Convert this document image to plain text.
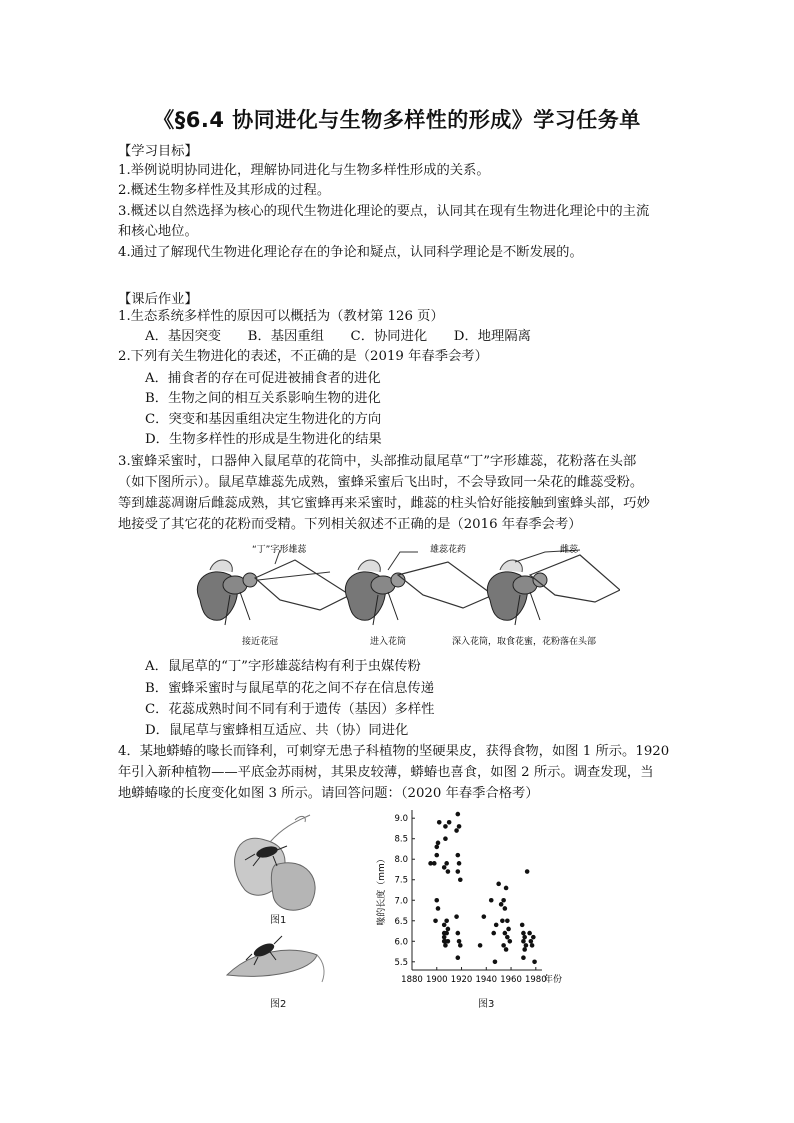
《§6.4 协同进化与生物多样性的形成》学习任务单
【学习目标】
1.举例说明协同进化，理解协同进化与生物多样性形成的关系。
2.概述生物多样性及其形成的过程。
3.概述以自然选择为核心的现代生物进化理论的要点，认同其在现有生物进化理论中的主流
和核心地位。
4.通过了解现代生物进化理论存在的争论和疑点，认同科学理论是不断发展的。
【课后作业】
1.生态系统多样性的原因可以概括为（教材第 126 页）
A．基因突变　　B．基因重组　　C．协同进化　　D．地理隔离
2.下列有关生物进化的表述，不正确的是（2019 年春季会考）
A．捕食者的存在可促进被捕食者的进化
B．生物之间的相互关系影响生物的进化
C．突变和基因重组决定生物进化的方向
D．生物多样性的形成是生物进化的结果
3.蜜蜂采蜜时，口器伸入鼠尾草的花筒中，头部推动鼠尾草“丁”字形雄蕊，花粉落在头部
（如下图所示）。鼠尾草雄蕊先成熟，蜜蜂采蜜后飞出时，不会导致同一朵花的雌蕊受粉。
等到雄蕊凋谢后雌蕊成熟，其它蜜蜂再来采蜜时，雌蕊的柱头恰好能接触到蜜蜂头部，巧妙
地接受了其它花的花粉而受精。下列相关叙述不正确的是（2016 年春季会考）
“丁”字形雄蕊	雄蕊花药	雌蕊
接近花冠	进入花筒	深入花筒，取食花蜜，花粉落在头部
A．鼠尾草的“丁”字形雄蕊结构有利于虫媒传粉
B．蜜蜂采蜜时与鼠尾草的花之间不存在信息传递
C．花蕊成熟时间不同有利于遗传（基因）多样性
D．鼠尾草与蜜蜂相互适应、共（协）同进化
4．某地蟒蝽的喙长而锋利，可刺穿无患子科植物的坚硬果皮，获得食物，如图 1 所示。1920
年引入新种植物——平底金苏雨树，其果皮较薄，蟒蝽也喜食，如图 2 所示。调查发现，当
地蟒蝽喙的长度变化如图 3 所示。请回答问题：（2020 年春季合格考）
图1
图2
5.5
6.0
6.5
7.0
7.5
8.0
8.5
9.0
1880 1900 1920 1940 1960 1980
年份
喙的长度（mm）
图3
